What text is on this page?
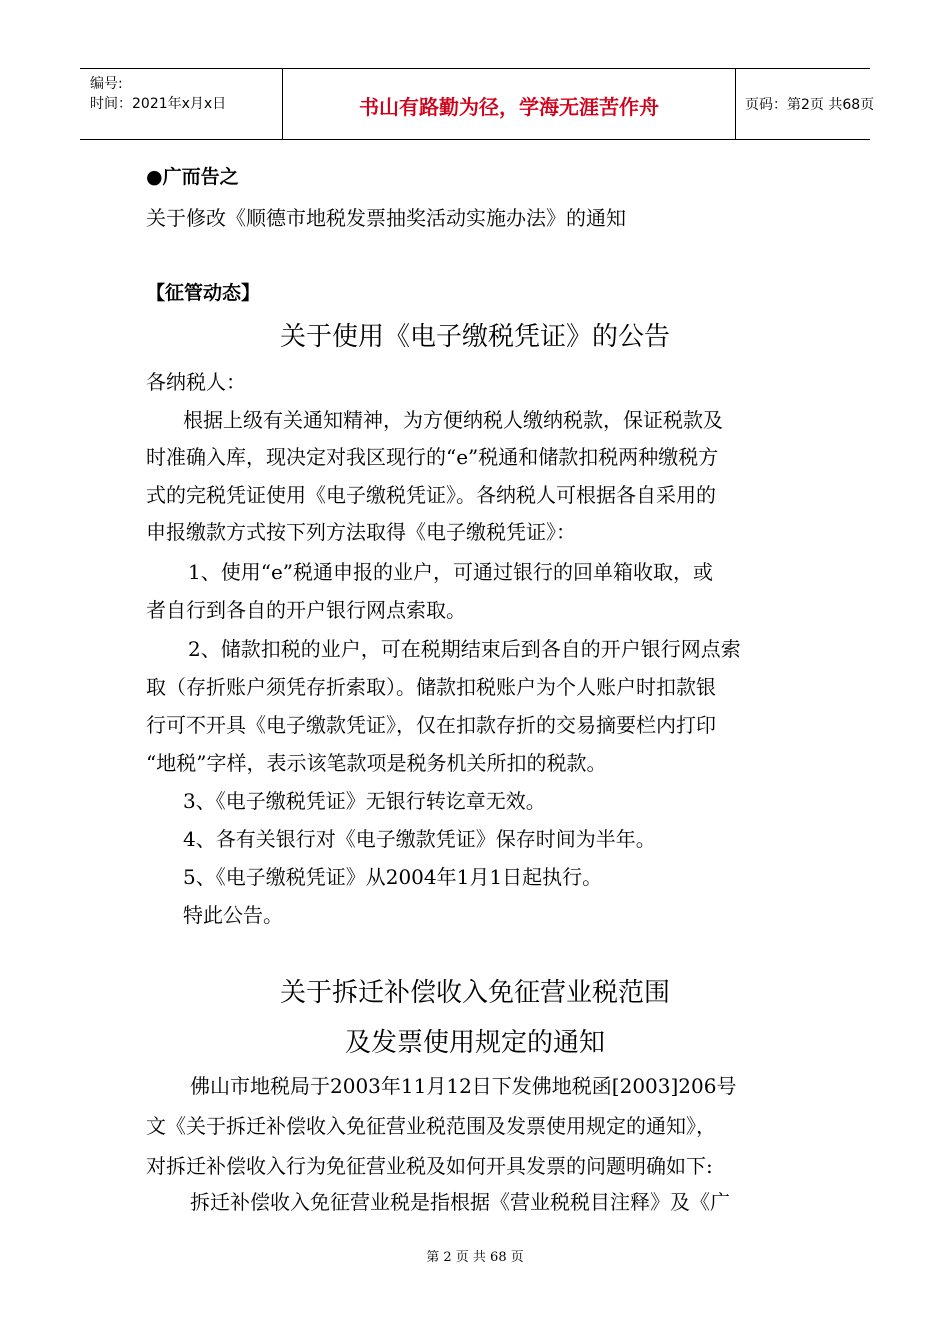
编号:
时间：2021年x月x日	书山有路勤为径，学海无涯苦作舟	页码：第2页 共68页
●广而告之
关于修改《顺德市地税发票抽奖活动实施办法》的通知
【征管动态】
关于使用《电子缴税凭证》的公告
各纳税人：
根据上级有关通知精神，为方便纳税人缴纳税款，保证税款及
时准确入库，现决定对我区现行的“e”税通和储款扣税两种缴税方
式的完税凭证使用《电子缴税凭证》。各纳税人可根据各自采用的
申报缴款方式按下列方法取得《电子缴税凭证》：
1、使用“e”税通申报的业户，可通过银行的回单箱收取，或
者自行到各自的开户银行网点索取。
2、储款扣税的业户，可在税期结束后到各自的开户银行网点索
取（存折账户须凭存折索取）。储款扣税账户为个人账户时扣款银
行可不开具《电子缴款凭证》，仅在扣款存折的交易摘要栏内打印
“地税”字样，表示该笔款项是税务机关所扣的税款。
3、《电子缴税凭证》无银行转讫章无效。
4、各有关银行对《电子缴款凭证》保存时间为半年。
5、《电子缴税凭证》从2004年1月1日起执行。
特此公告。
关于拆迁补偿收入免征营业税范围
及发票使用规定的通知
佛山市地税局于2003年11月12日下发佛地税函[2003]206号
文《关于拆迁补偿收入免征营业税范围及发票使用规定的通知》，
对拆迁补偿收入行为免征营业税及如何开具发票的问题明确如下:
拆迁补偿收入免征营业税是指根据《营业税税目注释》及《广
第 2 页 共 68 页
